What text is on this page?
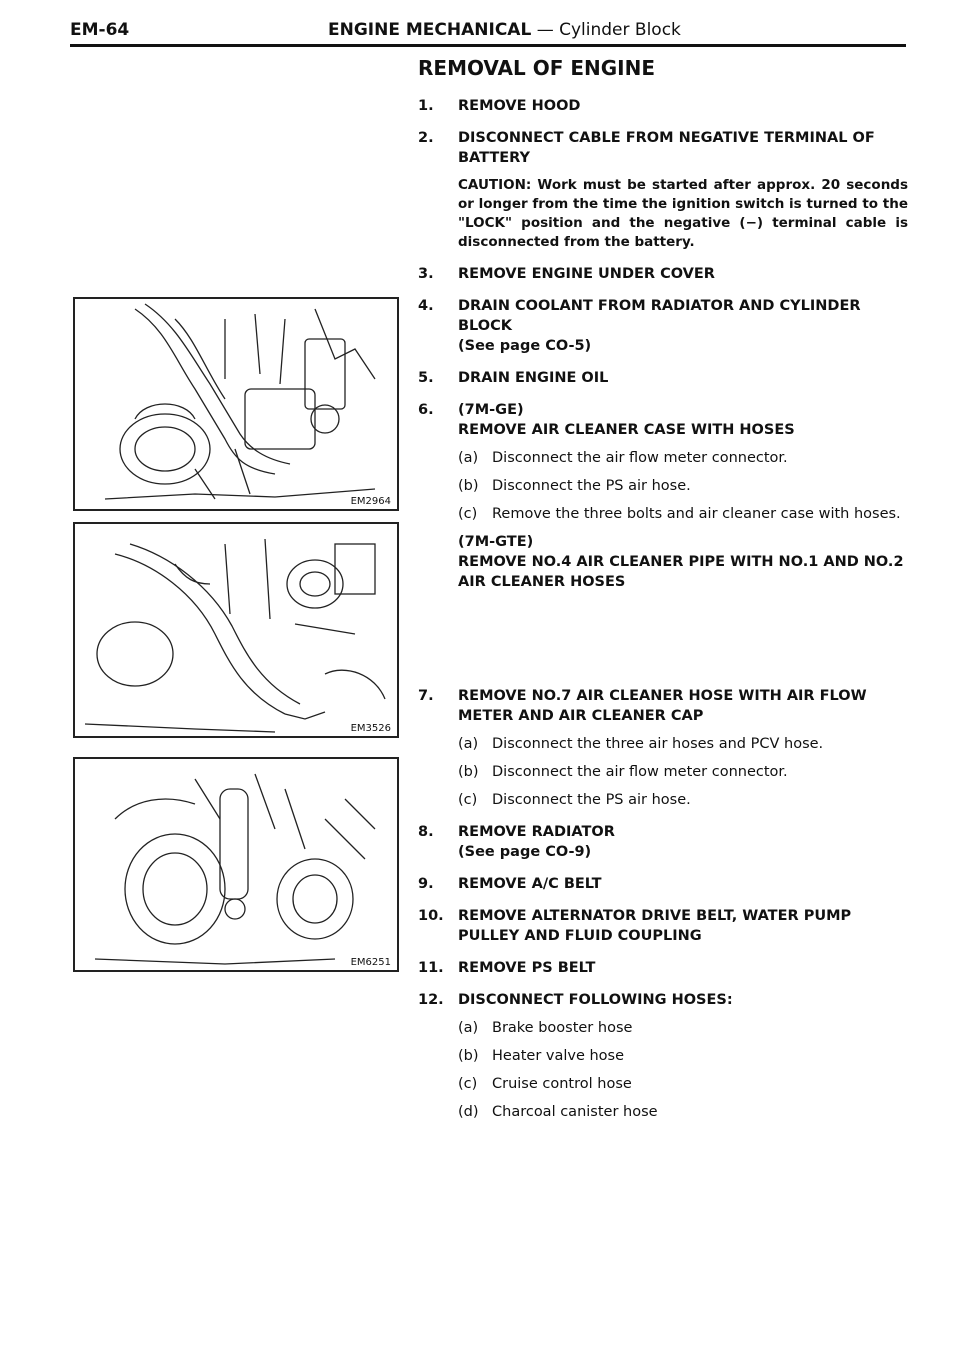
EM-64	ENGINE MECHANICAL — Cylinder Block
EM2964
EM3526
EM6251
REMOVAL OF ENGINE
1. REMOVE HOOD
2. DISCONNECT CABLE FROM NEGATIVE TERMINAL OF BATTERY
CAUTION: Work must be started after approx. 20 seconds or longer from the time the ignition switch is turned to the "LOCK" position and the negative (−) terminal cable is disconnected from the battery.
3. REMOVE ENGINE UNDER COVER
4. DRAIN COOLANT FROM RADIATOR AND CYLINDER BLOCK
(See page CO-5)
5. DRAIN ENGINE OIL
6. (7M-GE)
REMOVE AIR CLEANER CASE WITH HOSES
(a) Disconnect the air flow meter connector.
(b) Disconnect the PS air hose.
(c) Remove the three bolts and air cleaner case with hoses.
(7M-GTE)
REMOVE NO.4 AIR CLEANER PIPE WITH NO.1 AND NO.2 AIR CLEANER HOSES
7. REMOVE NO.7 AIR CLEANER HOSE WITH AIR FLOW METER AND AIR CLEANER CAP
(a) Disconnect the three air hoses and PCV hose.
(b) Disconnect the air flow meter connector.
(c) Disconnect the PS air hose.
8. REMOVE RADIATOR
(See page CO-9)
9. REMOVE A/C BELT
10. REMOVE ALTERNATOR DRIVE BELT, WATER PUMP PULLEY AND FLUID COUPLING
11. REMOVE PS BELT
12. DISCONNECT FOLLOWING HOSES:
(a) Brake booster hose
(b) Heater valve hose
(c) Cruise control hose
(d) Charcoal canister hose
